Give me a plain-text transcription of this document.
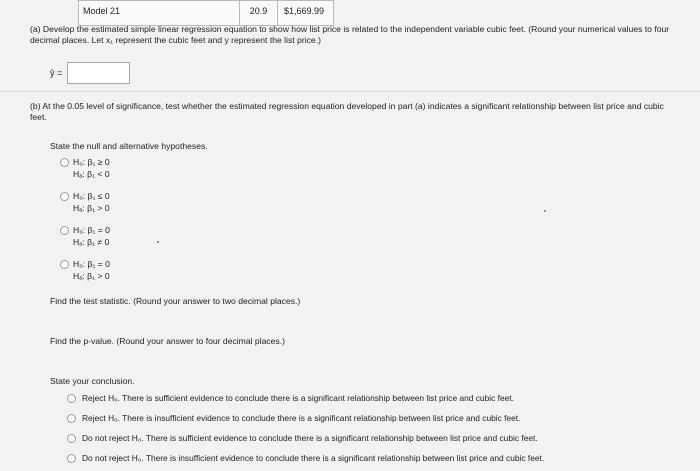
Model 21	20.9	$1,669.99
(a) Develop the estimated simple linear regression equation to show how list price is related to the independent variable cubic feet. (Round your numerical values to four decimal places. Let x₁ represent the cubic feet and y represent the list price.)
ŷ =
(b) At the 0.05 level of significance, test whether the estimated regression equation developed in part (a) indicates a significant relationship between list price and cubic feet.
State the null and alternative hypotheses.
H₀: β₁ ≥ 0
Hₐ: β₁ < 0
H₀: β₁ ≤ 0
Hₐ: β₁ > 0
H₀: β₁ = 0
Hₐ: β₁ ≠ 0
H₀: β₁ = 0
Hₐ: β₁ > 0
Find the test statistic. (Round your answer to two decimal places.)
Find the p-value. (Round your answer to four decimal places.)
State your conclusion.
Reject H₀. There is sufficient evidence to conclude there is a significant relationship between list price and cubic feet.
Reject H₀. There is insufficient evidence to conclude there is a significant relationship between list price and cubic feet.
Do not reject H₀. There is sufficient evidence to conclude there is a significant relationship between list price and cubic feet.
Do not reject H₀. There is insufficient evidence to conclude there is a significant relationship between list price and cubic feet.
